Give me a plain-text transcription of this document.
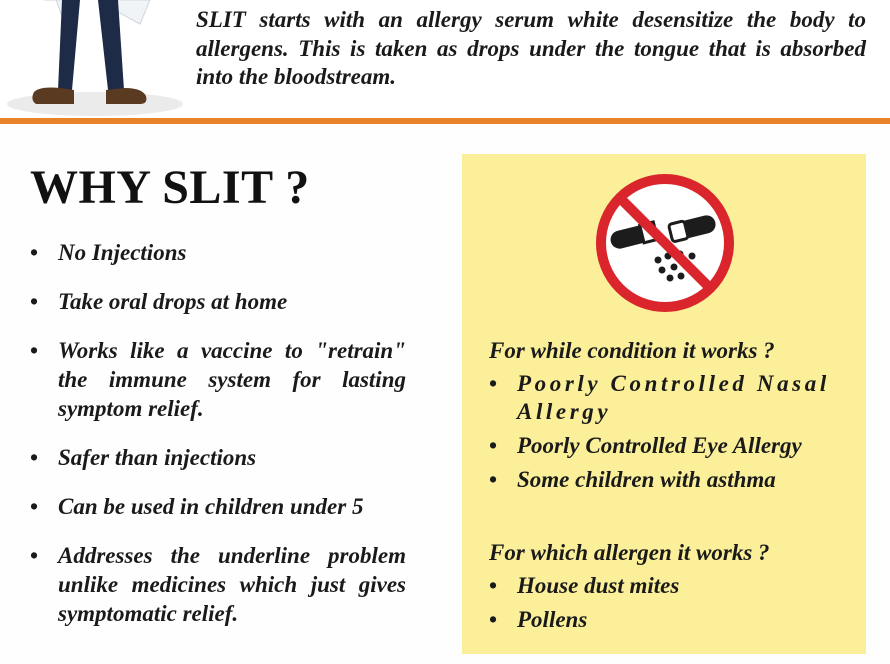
SLIT starts with an allergy serum white desensitize the body to allergens. This is taken as drops under the tongue that is absorbed into the bloodstream.
WHY SLIT ?
• No Injections
• Take oral drops at home
• Works like a vaccine to "retrain" the immune system for lasting symptom relief.
• Safer than injections
• Can be used in children under 5
• Addresses the underline problem unlike medicines which just gives symptomatic relief.
For while condition it works ?
• Poorly Controlled Nasal Allergy
• Poorly Controlled Eye Allergy
• Some children with asthma
For which allergen it works ?
• House dust mites
• Pollens
